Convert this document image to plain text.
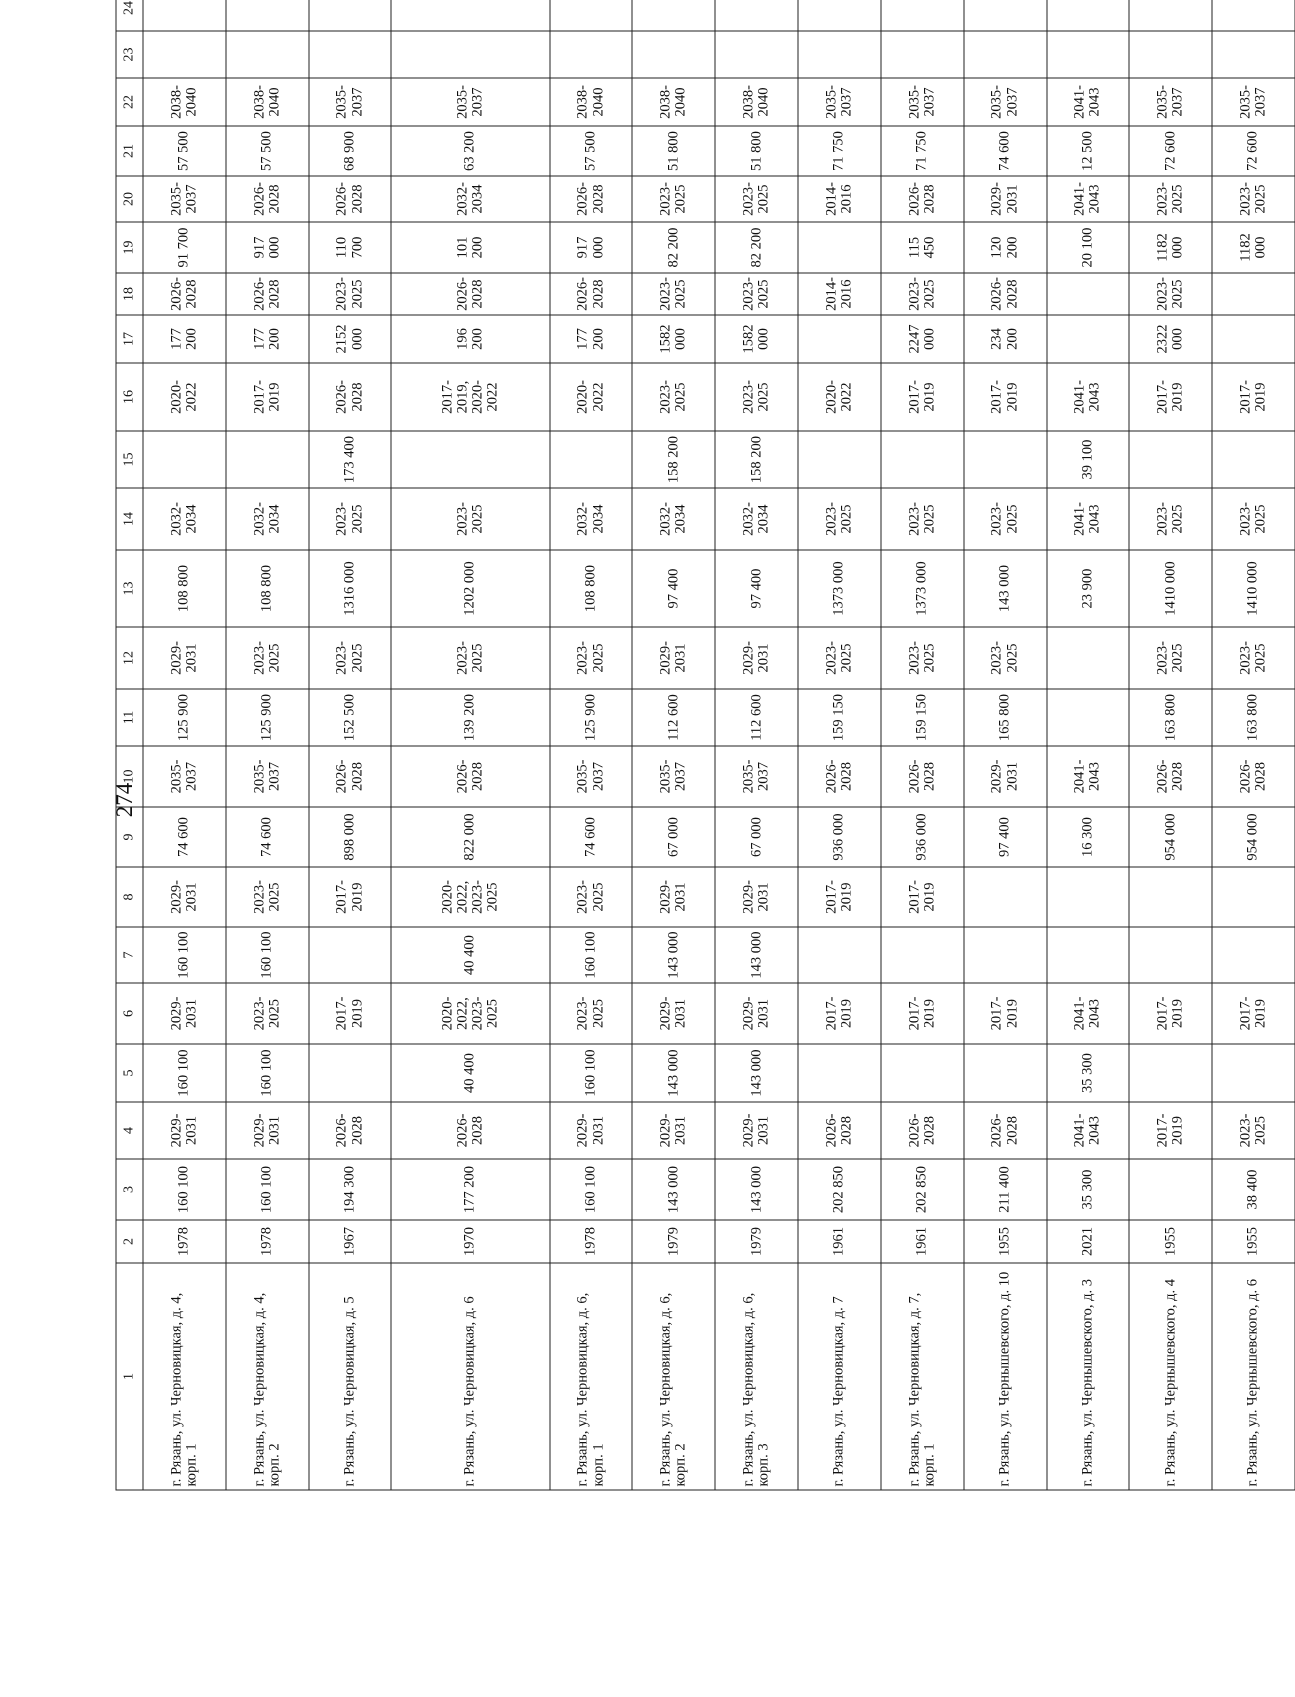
274
1	2	3	4	5	6	7	8	9	10	11	12	13	14	15	16	17	18	19	20	21	22	23	24
г. Рязань, ул. Черновицкая, д. 4, корп. 1	1978	160 100	2029-2031	160 100	2029-2031	160 100	2029-2031	74 600	2035-2037	125 900	2029-2031	108 800	2032-2034		2020-2022	177 200	2026-2028	91 700	2035-2037	57 500	2038-2040		
г. Рязань, ул. Черновицкая, д. 4, корп. 2	1978	160 100	2029-2031	160 100	2023-2025	160 100	2023-2025	74 600	2035-2037	125 900	2023-2025	108 800	2032-2034		2017-2019	177 200	2026-2028	917 000	2026-2028	57 500	2038-2040		
г. Рязань, ул. Черновицкая, д. 5	1967	194 300	2026-2028		2017-2019		2017-2019	898 000	2026-2028	152 500	2023-2025	1316 000	2023-2025	173 400	2026-2028	2152 000	2023-2025	110 700	2026-2028	68 900	2035-2037		
г. Рязань, ул. Черновицкая, д. 6	1970	177 200	2026-2028	40 400	2020-2022, 2023-2025	40 400	2020-2022, 2023-2025	822 000	2026-2028	139 200	2023-2025	1202 000	2023-2025		2017-2019, 2020-2022	196 200	2026-2028	101 200	2032-2034	63 200	2035-2037		
г. Рязань, ул. Черновицкая, д. 6, корп. 1	1978	160 100	2029-2031	160 100	2023-2025	160 100	2023-2025	74 600	2035-2037	125 900	2023-2025	108 800	2032-2034		2020-2022	177 200	2026-2028	917 000	2026-2028	57 500	2038-2040		
г. Рязань, ул. Черновицкая, д. 6, корп. 2	1979	143 000	2029-2031	143 000	2029-2031	143 000	2029-2031	67 000	2035-2037	112 600	2029-2031	97 400	2032-2034	158 200	2023-2025	1582 000	2023-2025	82 200	2023-2025	51 800	2038-2040		
г. Рязань, ул. Черновицкая, д. 6, корп. 3	1979	143 000	2029-2031	143 000	2029-2031	143 000	2029-2031	67 000	2035-2037	112 600	2029-2031	97 400	2032-2034	158 200	2023-2025	1582 000	2023-2025	82 200	2023-2025	51 800	2038-2040		
г. Рязань, ул. Черновицкая, д. 7	1961	202 850	2026-2028		2017-2019		2017-2019	936 000	2026-2028	159 150	2023-2025	1373 000	2023-2025		2020-2022		2014-2016		2014-2016	71 750	2035-2037		
г. Рязань, ул. Черновицкая, д. 7, корп. 1	1961	202 850	2026-2028		2017-2019		2017-2019	936 000	2026-2028	159 150	2023-2025	1373 000	2023-2025		2017-2019	2247 000	2023-2025	115 450	2026-2028	71 750	2035-2037		
г. Рязань, ул. Чернышевского, д. 10	1955	211 400	2026-2028		2017-2019			97 400	2029-2031	165 800	2023-2025	143 000	2023-2025		2017-2019	234 200	2026-2028	120 200	2029-2031	74 600	2035-2037		
г. Рязань, ул. Чернышевского, д. 3	2021	35 300	2041-2043	35 300	2041-2043			16 300	2041-2043			23 900	2041-2043	39 100	2041-2043			20 100	2041-2043	12 500	2041-2043		
г. Рязань, ул. Чернышевского, д. 4	1955		2017-2019		2017-2019			954 000	2026-2028	163 800	2023-2025	1410 000	2023-2025		2017-2019	2322 000	2023-2025	1182 000	2023-2025	72 600	2035-2037		
г. Рязань, ул. Чернышевского, д. 6	1955	38 400	2023-2025		2017-2019			954 000	2026-2028	163 800	2023-2025	1410 000	2023-2025		2017-2019			1182 000	2023-2025	72 600	2035-2037		
